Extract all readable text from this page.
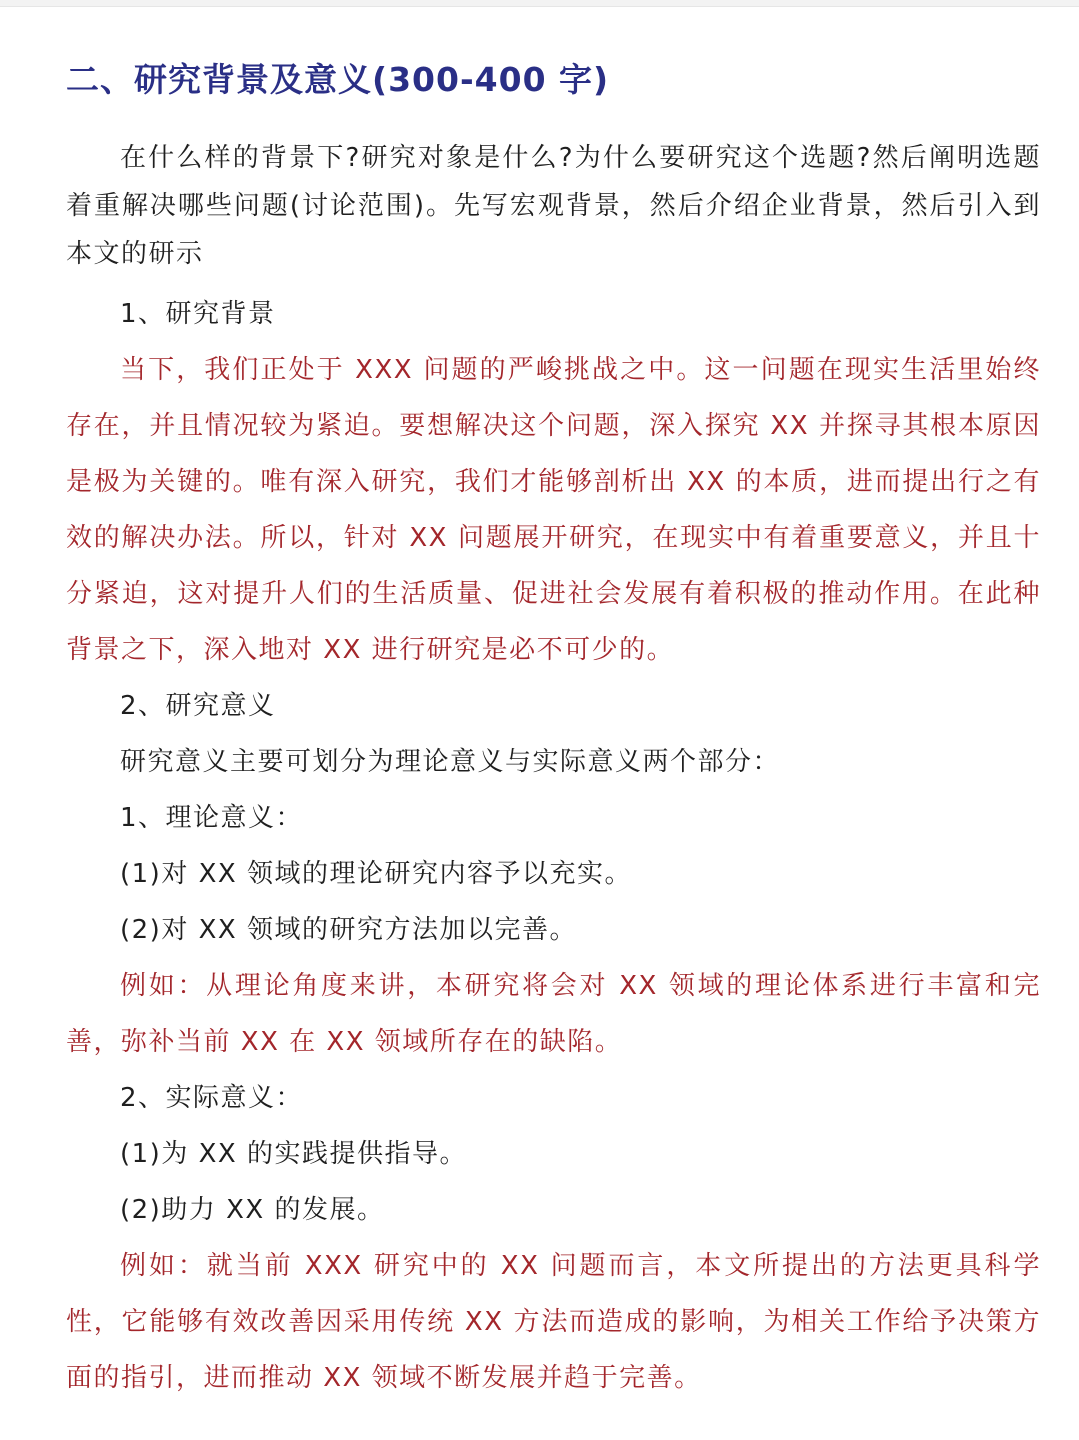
二、研究背景及意义(300-400 字)

在什么样的背景下?研究对象是什么?为什么要研究这个选题?然后阐明选题着重解决哪些问题(讨论范围)。先写宏观背景，然后介绍企业背景，然后引入到本文的研示

1、研究背景

当下，我们正处于 XXX 问题的严峻挑战之中。这一问题在现实生活里始终存在，并且情况较为紧迫。要想解决这个问题，深入探究 XX 并探寻其根本原因是极为关键的。唯有深入研究，我们才能够剖析出 XX 的本质，进而提出行之有效的解决办法。所以，针对 XX 问题展开研究，在现实中有着重要意义，并且十分紧迫，这对提升人们的生活质量、促进社会发展有着积极的推动作用。在此种背景之下，深入地对 XX 进行研究是必不可少的。

2、研究意义

研究意义主要可划分为理论意义与实际意义两个部分：

1、理论意义：

(1)对 XX 领域的理论研究内容予以充实。

(2)对 XX 领域的研究方法加以完善。

例如：从理论角度来讲，本研究将会对 XX 领域的理论体系进行丰富和完善，弥补当前 XX 在 XX 领域所存在的缺陷。

2、实际意义：

(1)为 XX 的实践提供指导。

(2)助力 XX 的发展。

例如：就当前 XXX 研究中的 XX 问题而言，本文所提出的方法更具科学性，它能够有效改善因采用传统 XX 方法而造成的影响，为相关工作给予决策方面的指引，进而推动 XX 领域不断发展并趋于完善。
